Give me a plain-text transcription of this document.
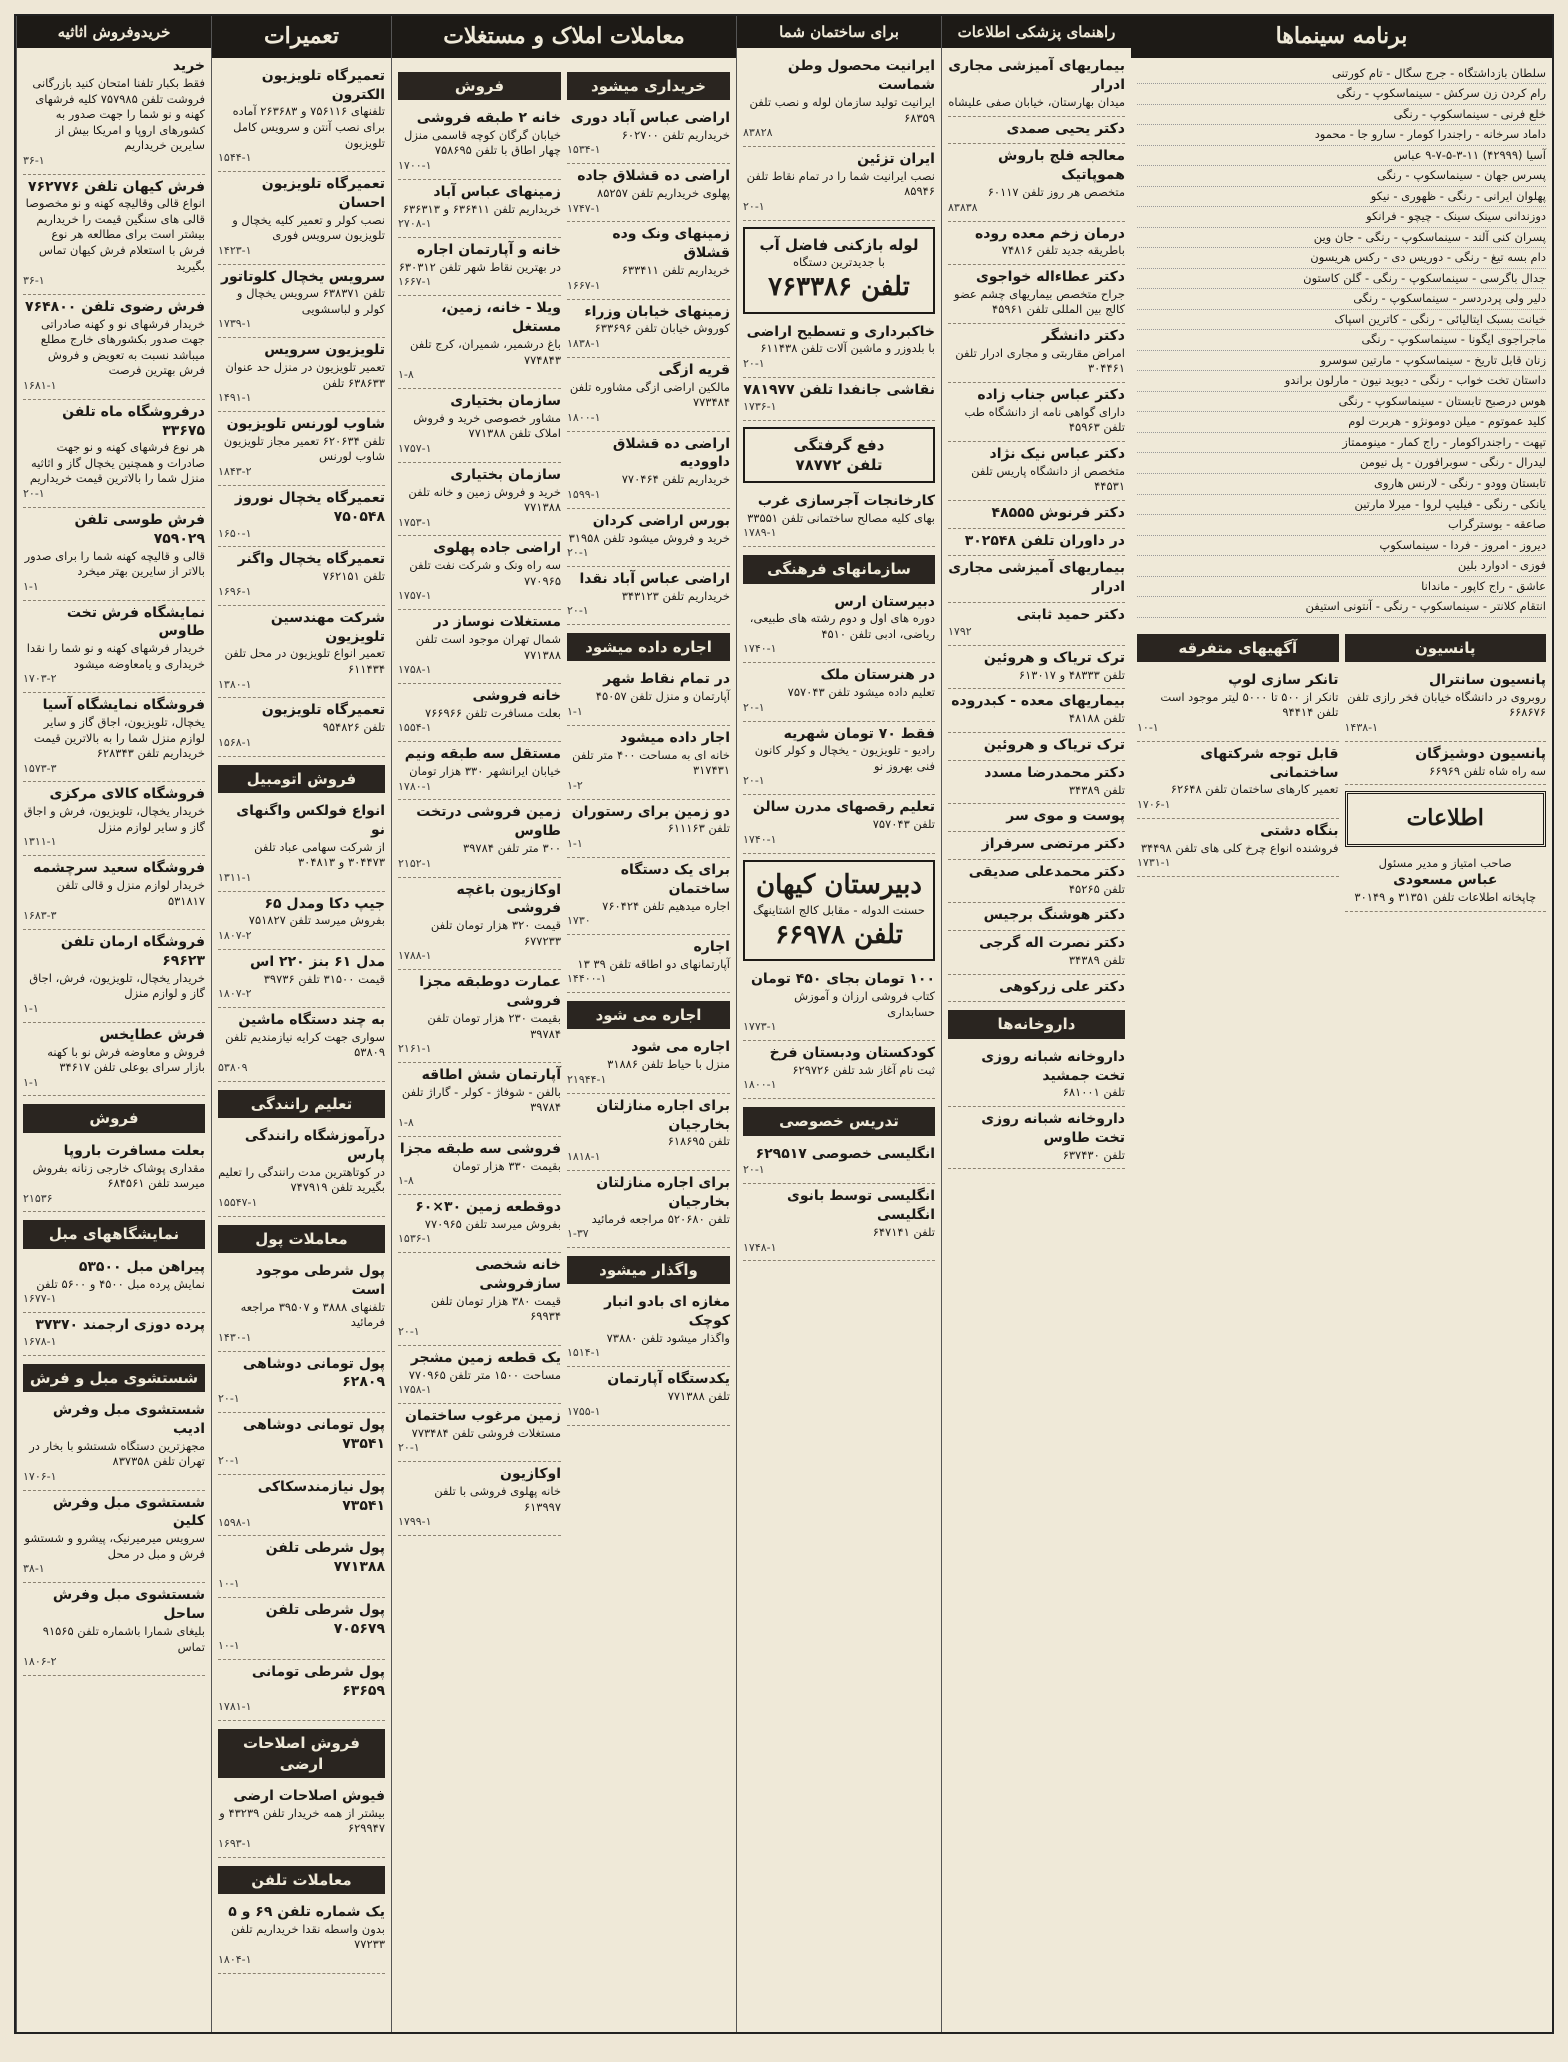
خریدوفروش اثاثیه
خرید
فقط بکبار تلفنا امتحان کنید بازرگانی فروشت تلفن ۷۵۷۹۸۵ کلیه فرشهای کهنه و نو شما را جهت صدور به کشورهای اروپا و امریکا بیش از سایرین خریداریم
۳۶-۱
فرش کیهان تلفن ۷۶۲۷۷۶
انواع قالی وقالیچه کهنه و نو مخصوصا قالی های سنگین قیمت را خریداریم بیشتر است برای مطالعه هر نوع فرش با استعلام فرش کیهان تماس بگیرید
۳۶-۱
فرش رضوی تلفن ۷۶۴۸۰۰
خریدار فرشهای نو و کهنه صادراتی جهت صدور بکشورهای خارج مطلع میباشد نسبت به تعویض و فروش فرش بهترین فرصت
۱۶۸۱-۱
درفروشگاه ماه تلفن ۳۳۶۷۵
هر نوع فرشهای کهنه و نو جهت صادرات و همچنین یخچال گاز و اثاثیه منزل شما را بالاترین قیمت خریداریم
۲۰-۱
فرش طوسی تلفن ۷۵۹۰۲۹
قالی و قالیچه کهنه شما را برای صدور بالاتر از سایرین بهتر میخرد
۱-۱
نمایشگاه فرش تخت طاوس
خریدار فرشهای کهنه و نو شما را نقدا خریداری و یامعاوضه میشود
۱۷۰۳-۲
فروشگاه نمایشگاه آسیا
یخچال، تلویزیون، اجاق گاز و سایر لوازم منزل شما را به بالاترین قیمت خریداریم تلفن ۶۲۸۳۴۳
۱۵۷۳-۳
فروشگاه کالای مرکزی
خریدار یخچال، تلویزیون، فرش و اجاق گاز و سایر لوازم منزل
۱۳۱۱-۱
فروشگاه سعید سرچشمه
خریدار لوازم منزل و قالی تلفن ۵۳۱۸۱۷
۱۶۸۳-۳
فروشگاه ارمان تلفن ۶۹۶۲۳
خریدار یخچال، تلویزیون، فرش، اجاق گاز و لوازم منزل
۱-۱
فرش عطایخس
فروش و معاوضه فرش نو با کهنه بازار سرای بوعلی تلفن ۳۴۶۱۷
۱-۱
فروش
بعلت مسافرت باروپا
مقداری پوشاک خارجی زنانه بفروش میرسد تلفن ۶۸۴۵۶۱
۲۱۵۳۶
نمایشگاههای مبل
پیراهن مبل ۵۳۵۰۰
نمایش پرده مبل ۴۵۰۰ و ۵۶۰۰ تلفن
۱۶۷۷-۱
پرده دوزی ارجمند ۳۷۳۷۰
۱۶۷۸-۱
شستشوی مبل و فرش
شستشوی مبل وفرش ادیب
مجهزترین دستگاه شستشو با بخار در تهران تلفن ۸۳۷۳۵۸
۱۷۰۶-۱
شستشوی مبل وفرش کلین
سرویس میرمیرنیک، پیشرو و شستشو فرش و مبل در محل
۳۸-۱
شستشوی مبل وفرش ساحل
بلیغای شمارا باشماره تلفن ۹۱۵۶۵ تماس
۱۸۰۶-۲
تعمیرات
تعمیرگاه تلویزیون الکترون
تلفنهای ۷۵۶۱۱۶ و ۲۶۳۶۸۳ آماده برای نصب آنتن و سرویس کامل تلویزیون
۱۵۴۴-۱
تعمیرگاه تلویزیون احسان
نصب کولر و تعمیر کلیه یخچال و تلویزیون سرویس فوری
۱۴۲۳-۱
سرویس یخچال کلوتاتور
تلفن ۶۳۸۳۷۱ سرویس یخچال و کولر و لباسشویی
۱۷۳۹-۱
تلویزیون سرویس
تعمیر تلویزیون در منزل حد عنوان ۶۳۸۶۳۳ تلفن
۱۴۹۱-۱
شاوب لورنس تلویزیون
تلفن ۶۲۰۶۳۴ تعمیر مجاز تلویزیون شاوب لورنس
۱۸۴۳-۲
تعمیرگاه یخچال نوروز ۷۵۰۵۴۸
۱۶۵۰-۱
تعمیرگاه یخچال واگنر
تلفن ۷۶۲۱۵۱
۱۶۹۶-۱
شرکت مهندسین تلویزیون
تعمیر انواع تلویزیون در محل تلفن ۶۱۱۴۳۴
۱۳۸۰-۱
تعمیرگاه تلویزیون
تلفن ۹۵۴۸۲۶
۱۵۶۸-۱
فروش اتومبیل
انواع فولکس واگنهای نو
از شرکت سهامی عباد تلفن ۳۰۴۴۷۳ و ۳۰۴۸۱۳
۱۳۱۱-۱
جیپ دکا ومدل ۶۵
بفروش میرسد تلفن ۷۵۱۸۲۷
۱۸۰۷-۲
مدل ۶۱ بنز ۲۲۰ اس
قیمت ۳۱۵۰۰ تلفن ۳۹۷۳۶
۱۸۰۷-۲
به چند دستگاه ماشین
سواری جهت کرایه نیازمندیم تلفن ۵۳۸۰۹
۵۳۸۰۹
تعلیم رانندگی
درآموزشگاه رانندگی پارس
در کوتاهترین مدت رانندگی را تعلیم بگیرید تلفن ۷۴۷۹۱۹
۱۵۵۴۷-۱
معاملات پول
پول شرطی موجود است
تلفنهای ۳۸۸۸ و ۳۹۵۰۷ مراجعه فرمائید
۱۴۳۰-۱
پول تومانی دوشاهی ۶۲۸۰۹
۲۰-۱
پول تومانی دوشاهی ۷۳۵۴۱
۲۰-۱
پول نیازمندسکاکی ۷۳۵۴۱
۱۵۹۸-۱
پول شرطی تلفن ۷۷۱۳۸۸
۱۰-۱
پول شرطی تلفن ۷۰۵۶۷۹
۱۰-۱
پول شرطی تومانی ۶۳۶۵۹
۱۷۸۱-۱
فروش اصلاحات ارضی
فیوش اصلاحات ارضی
بیشتر از همه خریدار تلفن ۴۳۲۳۹ و ۶۲۹۹۴۷
۱۶۹۳-۱
معاملات تلفن
یک شماره تلفن ۶۹ و ۵
بدون واسطه نقدا خریداریم تلفن ۷۷۲۳۳
۱۸۰۴-۱
معاملات املاک و مستغلات
فروش
خانه ۲ طبقه فروشی
خیابان گرگان کوچه قاسمی منزل چهار اطاق با تلفن ۷۵۸۶۹۵
۱۷۰۰-۱
زمینهای عباس آباد
خریداریم تلفن ۶۳۶۴۱۱ و ۶۳۶۳۱۳
۲۷۰۸-۱
خانه و آپارتمان اجاره
در بهترین نقاط شهر تلفن ۶۳۰۳۱۲
۱۶۶۷-۱
ویلا - خانه، زمین، مستغل
باغ درشمیر، شمیران، کرج تلفن ۷۷۴۸۴۳
۱-۸
سازمان بختیاری
مشاور خصوصی خرید و فروش املاک تلفن ۷۷۱۳۸۸
۱۷۵۷-۱
سازمان بختیاری
خرید و فروش زمین و خانه تلفن ۷۷۱۳۸۸
۱۷۵۳-۱
اراضی جاده پهلوی
سه راه ونک و شرکت نفت تلفن ۷۷۰۹۶۵
۱۷۵۷-۱
مستغلات نوساز در
شمال تهران موجود است تلفن ۷۷۱۳۸۸
۱۷۵۸-۱
خانه فروشی
بعلت مسافرت تلفن ۷۶۶۹۶۶
۱۵۵۴-۱
مستقل سه طبقه ونیم
خیابان ایرانشهر ۳۳۰ هزار تومان
۱۷۸۰-۱
زمین فروشی درتخت طاوس
۳۰۰ متر تلفن ۳۹۷۸۴
۲۱۵۲-۱
اوکازیون باغچه فروشی
قیمت ۳۲۰ هزار تومان تلفن ۶۷۷۲۳۳
۱۷۸۸-۱
عمارت دوطبقه مجزا فروشی
بقیمت ۲۳۰ هزار تومان تلفن ۳۹۷۸۴
۲۱۶۱-۱
آپارتمان شش اطاقه
بالفن - شوفاژ - کولر - گاراژ تلفن ۳۹۷۸۴
۱-۸
فروشی سه طبقه مجزا
بقیمت ۳۳۰ هزار تومان
۱-۸
دوقطعه زمین ۳۰×۶۰
بفروش میرسد تلفن ۷۷۰۹۶۵
۱۵۳۶-۱
خانه شخصی سازفروشی
قیمت ۳۸۰ هزار تومان تلفن ۶۹۹۳۴
۲۰-۱
یک قطعه زمین مشجر
مساحت ۱۵۰۰ متر تلفن ۷۷۰۹۶۵
۱۷۵۸-۱
زمین مرغوب ساختمان
مستغلات فروشی تلفن ۷۷۳۴۸۴
۲۰-۱
اوکازیون
خانه پهلوی فروشی با تلفن ۶۱۳۹۹۷
۱۷۹۹-۱
خریداری میشود
اراضی عباس آباد دوری
خریداریم تلفن ۶۰۲۷۰۰
۱۵۳۴-۱
اراضی ده قشلاق جاده
پهلوی خریداریم تلفن ۸۵۲۵۷
۱۷۴۷-۱
زمینهای ونک وده قشلاق
خریداریم تلفن ۶۳۳۴۱۱
۱۶۶۷-۱
زمینهای خیابان وزراء
کوروش خیابان تلفن ۶۳۳۶۹۶
۱۸۳۸-۱
قریه ازگی
مالکین اراضی ازگی مشاوره تلفن ۷۷۳۴۸۴
۱۸۰۰-۱
اراضی ده قشلاق داوودیه
خریداریم تلفن ۷۷۰۴۶۴
۱۵۹۹-۱
بورس اراضی کردان
خرید و فروش میشود تلفن ۳۱۹۵۸
۲۰-۱
اراضی عباس آباد نقدا
خریداریم تلفن ۳۴۳۱۲۳
۲۰-۱
اجاره داده میشود
در تمام نقاط شهر
آپارتمان و منزل تلفن ۴۵۰۵۷
۱-۱
اجار داده میشود
خانه ای به مساحت ۴۰۰ متر تلفن ۳۱۷۴۳۱
۱-۲
دو زمین برای رستوران
تلفن ۶۱۱۱۶۳
۱-۱
برای یک دستگاه ساختمان
اجاره میدهیم تلفن ۷۶۰۴۲۴
۱۷۳۰
اجاره
آپارتمانهای دو اطاقه تلفن ۳۹ ۱۳
۱۴۴۰۰-۱
اجاره می شود
اجاره می شود
منزل با حیاط تلفن ۳۱۸۸۶
۲۱۹۴۴-۱
برای اجاره منازلتان بخارجیان
تلفن ۶۱۸۶۹۵
۱۸۱۸-۱
برای اجاره منازلتان بخارجیان
تلفن ۵۲۰۶۸۰ مراجعه فرمائید
۱-۳۷
واگذار میشود
مغازه ای بادو انبار کوچک
واگذار میشود تلفن ۷۳۸۸۰
۱۵۱۴-۱
یکدستگاه آپارتمان
تلفن ۷۷۱۳۸۸
۱۷۵۵-۱
برای ساختمان شما
ایرانیت محصول وطن شماست
ایرانیت تولید سازمان لوله و نصب تلفن ۶۸۳۵۹
۸۳۸۲۸
ایران تزئین
نصب ایرانیت شما را در تمام نقاط تلفن ۸۵۹۴۶
۲۰-۱
لوله بازکنی فاضل آب
با جدیدترین دستگاه
تلفن ۷۶۳۳۸۶
خاکبرداری و تسطیح اراضی
با بلدوزر و ماشین آلات تلفن ۶۱۱۴۳۸
۲۰-۱
نقاشی جانفدا تلفن ۷۸۱۹۷۷
۱۷۳۶-۱
دفع گرفتگی
تلفن ۷۸۷۷۲
کارخانجات آجرسازی غرب
بهای کلیه مصالح ساختمانی تلفن ۳۳۵۵۱
۱۷۸۹-۱
سازمانهای فرهنگی
دبیرستان ارس
دوره های اول و دوم رشته های طبیعی، ریاضی، ادبی تلفن ۴۵۱۰
۱۷۴۰-۱
در هنرستان ملک
تعلیم داده میشود تلفن ۷۵۷۰۴۳
۲۰-۱
فقط ۷۰ تومان شهریه
رادیو - تلویزیون - یخچال و کولر کانون فنی بهروز نو
۲۰-۱
تعلیم رقصهای مدرن سالن
تلفن ۷۵۷۰۴۳
۱۷۴۰-۱
دبیرستان کیهان
حسنت الدوله - مقابل کالج اشتاینهگ
تلفن ۶۶۹۷۸
۱۰۰ تومان بجای ۴۵۰ تومان
کتاب فروشی ارزان و آموزش حسابداری
۱۷۷۳-۱
کودکستان ودبستان فرخ
ثبت نام آغاز شد تلفن ۶۲۹۷۲۶
۱۸۰۰-۱
تدریس خصوصی
انگلیسی خصوصی ۶۲۹۵۱۷
۲۰-۱
انگلیسی توسط بانوی انگلیسی
تلفن ۶۴۷۱۴۱
۱۷۴۸-۱
راهنمای پزشکی اطلاعات
بیماریهای آمیزشی مجاری ادرار
میدان بهارستان، خیابان صفی علیشاه
دکتر یحیی صمدی
معالجه فلج باروش هموپاتیک
متخصص هر روز تلفن ۶۰۱۱۷
۸۳۸۳۸
درمان زخم معده روده
باطریقه جدید تلفن ۷۴۸۱۶
دکتر عطاءاله خواجوی
جراح متخصص بیماریهای چشم عضو کالج بین المللی تلفن ۴۵۹۶۱
دکتر دانشگر
امراض مقاربتی و مجاری ادرار تلفن ۳۰۴۴۶۱
دکتر عباس جناب زاده
دارای گواهی نامه از دانشگاه طب تلفن ۴۵۹۶۳
دکتر عباس نیک نژاد
متخصص از دانشگاه پاریس تلفن ۴۴۵۳۱
دکتر فرنوش ۴۸۵۵۵
در داوران تلفن ۳۰۲۵۴۸
بیماریهای آمیزشی مجاری ادرار
دکتر حمید ثابتی
۱۷۹۲
ترک تریاک و هروئین
تلفن ۴۸۳۳۳ و ۶۱۳۰۱۷
بیماریهای معده - کبدروده
تلفن ۴۸۱۸۸
ترک تریاک و هروئین
دکتر محمدرضا مسدد
تلفن ۳۴۳۸۹
پوست و موی سر
دکتر مرتضی سرفراز
دکتر محمدعلی صدیقی
تلفن ۴۵۲۶۵
دکتر هوشنگ برجیس
دکتر نصرت اله گرجی
تلفن ۳۴۳۸۹
دکتر علی زرکوهی
داروخانه‌ها
داروخانه شبانه روزی تخت جمشید
تلفن ۶۸۱۰۰۱
داروخانه شبانه روزی تخت طاوس
تلفن ۶۳۷۴۳۰
برنامه سینماها
سلطان بازداشتگاه - جرج سگال - تام کورتنی
رام کردن زن سرکش - سینماسکوپ - رنگی
خلع فرنی - سینماسکوپ - رنگی
داماد سرخانه - راجندرا کومار - سارو جا - محمود
آسیا (۴۲۹۹۹) ۱۱-۳-۵-۷-۹ عباس
پسرس جهان - سینماسکوپ - رنگی
پهلوان ایرانی - رنگی - ظهوری - نیکو
دوزندانی سینک سینک - چیچو - فرانکو
پسران کنی آلند - سینماسکوپ - رنگی - جان وین
دام بسه تیغ - رنگی - دوریس دی - رکس هریسون
جدال باگرسی - سینماسکوپ - رنگی - گلن کاستون
دلیر ولی پردردسر - سینماسکوپ - رنگی
خیانت بسبک ایتالیائی - رنگی - کاترین اسپاک
ماجراجوی ایگونا - سینماسکوپ - رنگی
زنان قابل تاریخ - سینماسکوپ - مارتین سوسرو
داستان تخت خواب - رنگی - دیوید نیون - مارلون براندو
هوس درصبح تابستان - سینماسکوپ - رنگی
کلید عموتوم - میلن دومونژو - هربرت لوم
تپهت - راجندراکومار - راج کمار - مینوممتاز
لیدرال - رنگی - سوبرافورن - پل نیومن
تابستان وودو - رنگی - لارنس هاروی
یانکی - رنگی - فیلیپ لروا - میرلا مارتین
صاعقه - بوسترگراب
دیروز - امروز - فردا - سینماسکوپ
فوزی - ادوارد بلین
عاشق - راج کاپور - ماندانا
انتقام کلانتر - سینماسکوپ - رنگی - آنتونی استیفن
آگهیهای متفرقه
تانکر سازی لوپ
تانکر از ۵۰۰ تا ۵۰۰۰ لیتر موجود است تلفن ۹۴۴۱۴
۱۰-۱
قابل توجه شرکتهای ساختمانی
تعمیر کارهای ساختمان تلفن ۶۲۶۴۸
۱۷۰۶-۱
بنگاه دشتی
فروشنده انواع چرخ کلی های تلفن ۳۴۴۹۸
۱۷۳۱-۱
پانسیون
پانسیون سانترال
روبروی در دانشگاه خیابان فخر رازی تلفن ۶۶۸۶۷۶
۱۴۳۸-۱
پانسیون دوشیزگان
سه راه شاه تلفن ۶۶۹۶۹
اطلاعات
صاحب امتیاز و مدیر مسئول
عباس مسعودی
چاپخانه اطلاعات تلفن ۳۱۳۵۱ و ۳۰۱۴۹
